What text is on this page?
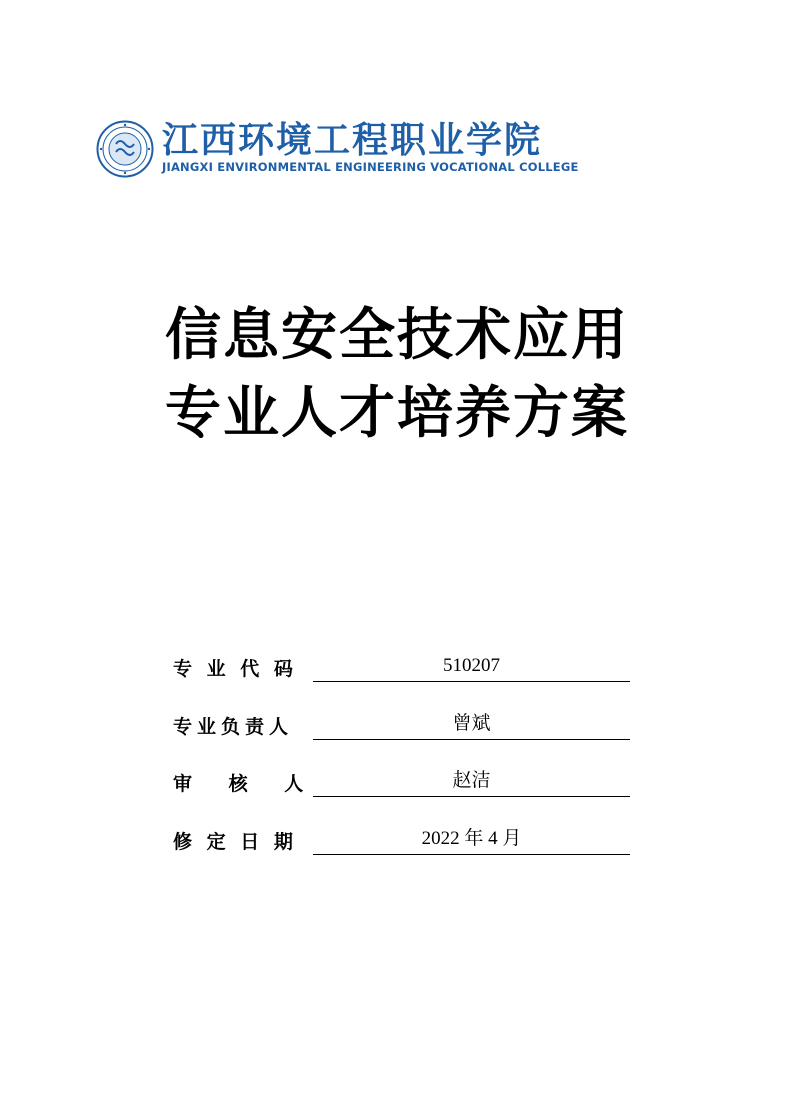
江西环境工程职业学院
JIANGXI ENVIRONMENTAL ENGINEERING VOCATIONAL COLLEGE
信息安全技术应用
专业人才培养方案
专 业 代 码	510207
专业负责人	曾斌
审 核 人	赵洁
修 定 日 期	2022 年 4 月
